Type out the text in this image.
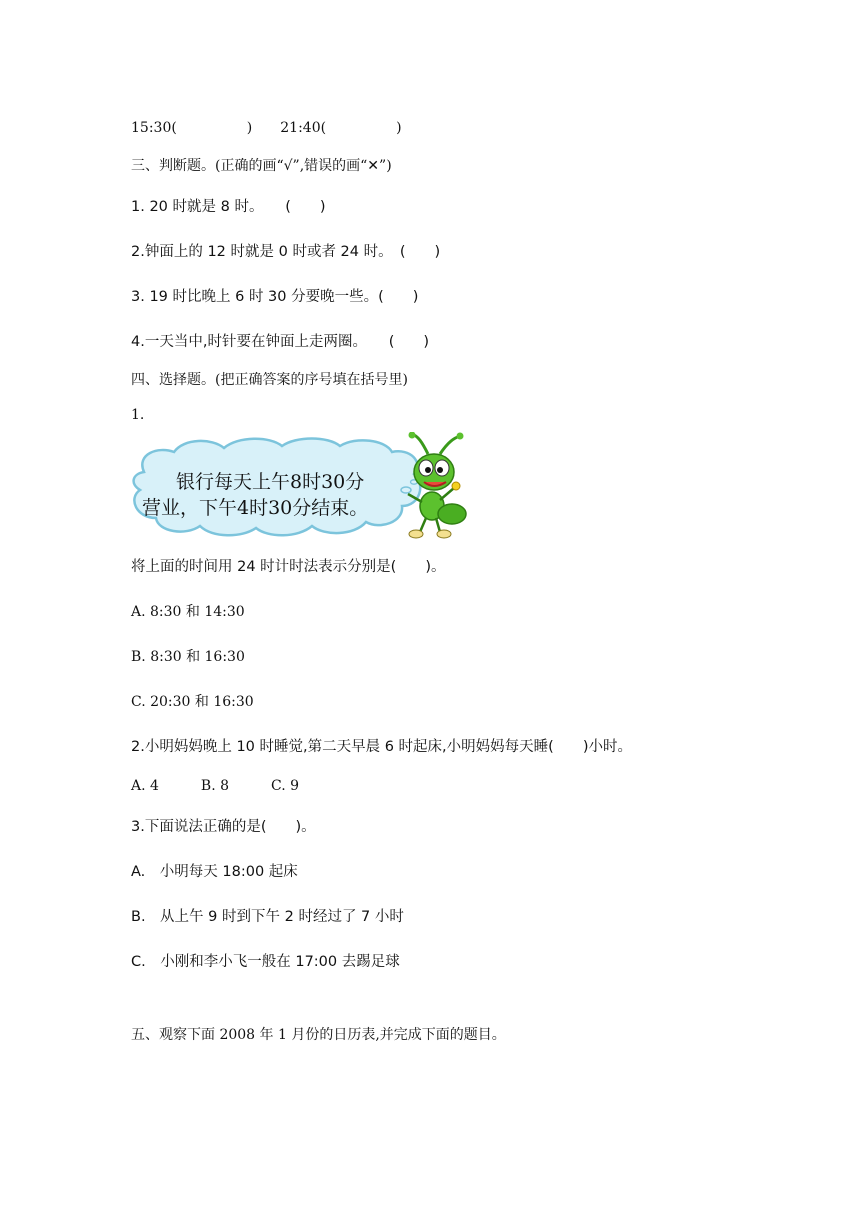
15:30(　　　　　)　　21:40(　　　　　)
三、判断题。(正确的画“√”,错误的画“✕”)
1. 20 时就是 8 时。　　(　　)
2.钟面上的 12 时就是 0 时或者 24 时。　(　　)
3. 19 时比晚上 6 时 30 分要晚一些。(　　)
4.一天当中,时针要在钟面上走两圈。　　(　　)
四、选择题。(把正确答案的序号填在括号里)
1.
银行每天上午8时30分
营业，下午4时30分结束。
将上面的时间用 24 时计时法表示分别是(　　)。
A. 8:30 和 14:30
B. 8:30 和 16:30
C. 20:30 和 16:30
2.小明妈妈晚上 10 时睡觉,第二天早晨 6 时起床,小明妈妈每天睡(　　)小时。
A. 4　　　B. 8　　　C. 9
3.下面说法正确的是(　　)。
A.　小明每天 18:00 起床
B.　从上午 9 时到下午 2 时经过了 7 小时
C.　小刚和李小飞一般在 17:00 去踢足球
五、观察下面 2008 年 1 月份的日历表,并完成下面的题目。
